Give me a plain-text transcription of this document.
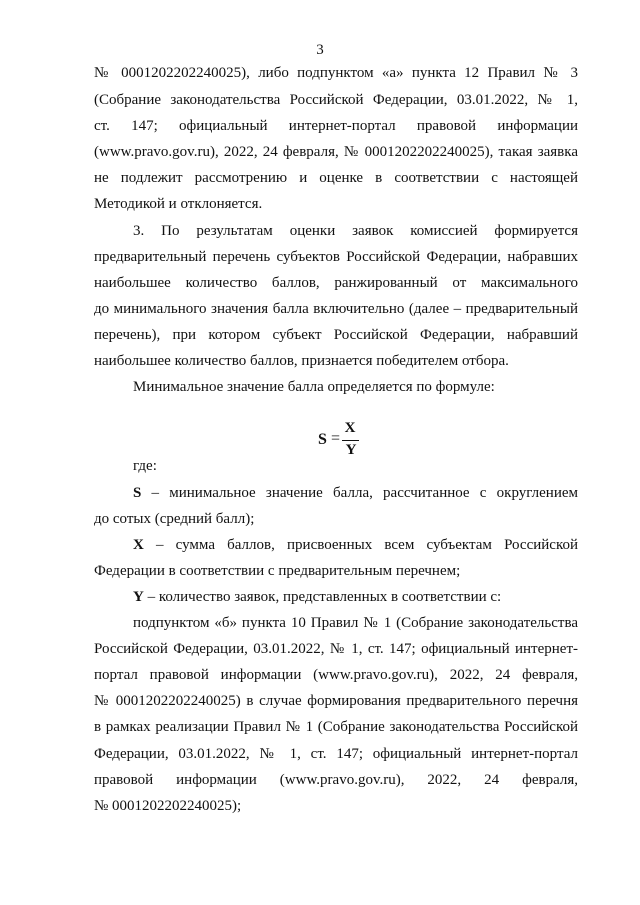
3
№ 0001202202240025), либо подпунктом «а» пункта 12 Правил № 3
(Собрание законодательства Российской Федерации, 03.01.2022, № 1,
ст. 147; официальный интернет-портал правовой информации
(www.pravo.gov.ru), 2022, 24 февраля, № 0001202202240025), такая заявка
не подлежит рассмотрению и оценке в соответствии с настоящей
Методикой и отклоняется.
3. По результатам оценки заявок комиссией формируется
предварительный перечень субъектов Российской Федерации, набравших
наибольшее количество баллов, ранжированный от максимального
до минимального значения балла включительно (далее – предварительный
перечень), при котором субъект Российской Федерации, набравший
наибольшее количество баллов, признается победителем отбора.
Минимальное значение балла определяется по формуле:
S =
X
Y
где:
S – минимальное значение балла, рассчитанное с округлением
до сотых (средний балл);
X – сумма баллов, присвоенных всем субъектам Российской
Федерации в соответствии с предварительным перечнем;
Y – количество заявок, представленных в соответствии с:
подпунктом «б» пункта 10 Правил № 1 (Собрание законодательства
Российской Федерации, 03.01.2022, № 1, ст. 147; официальный интернет-
портал правовой информации (www.pravo.gov.ru), 2022, 24 февраля,
№ 0001202202240025) в случае формирования предварительного перечня
в рамках реализации Правил № 1 (Собрание законодательства Российской
Федерации, 03.01.2022, № 1, ст. 147; официальный интернет-портал
правовой информации (www.pravo.gov.ru), 2022, 24 февраля,
№ 0001202202240025);
